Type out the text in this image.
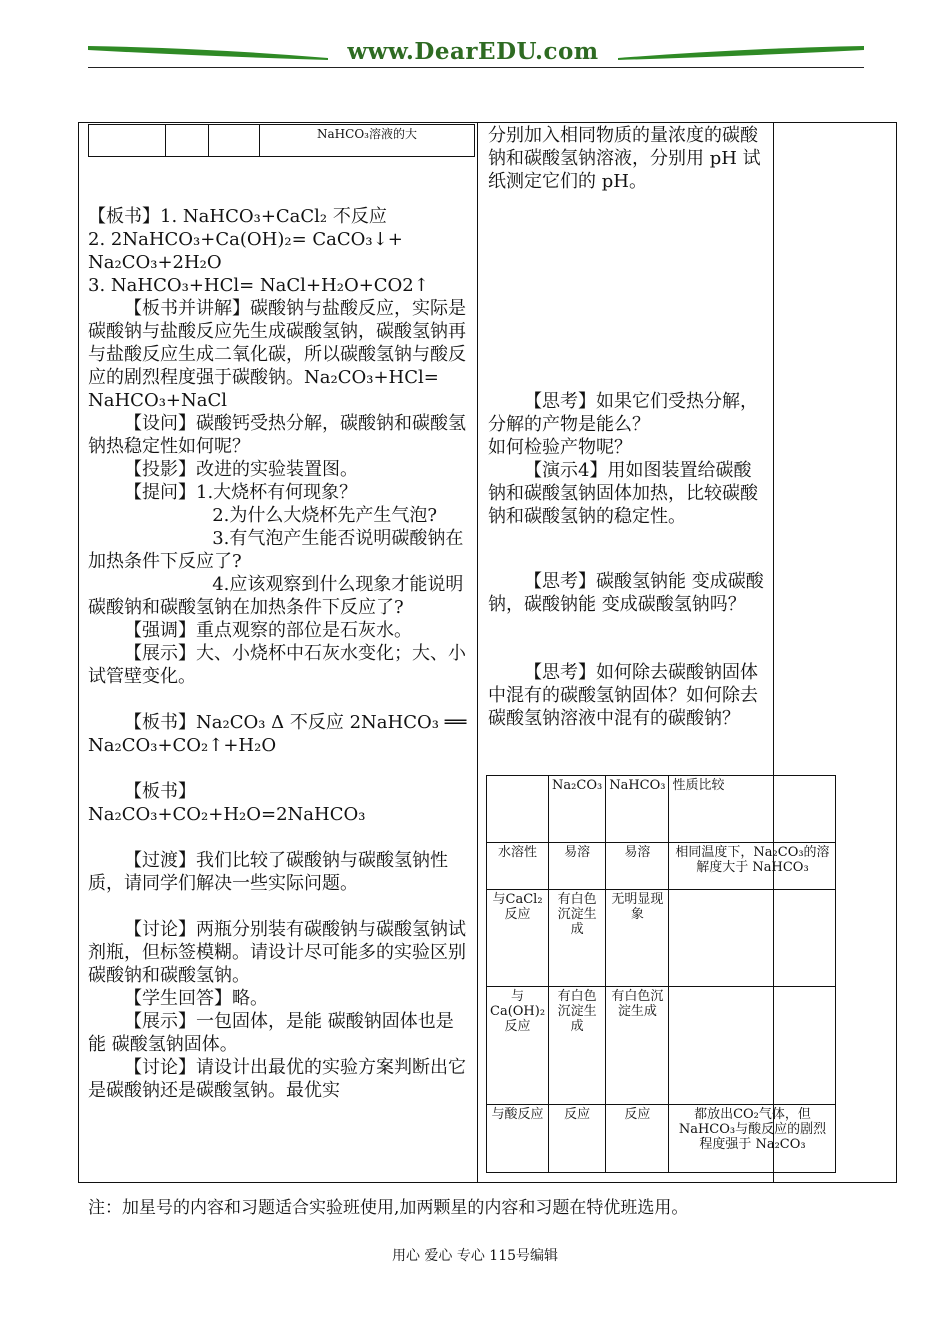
www.DearEDU.com
			NaHCO₃溶液的大

【板书】1. NaHCO₃+CaCl₂ 不反应

2. 2NaHCO₃+Ca(OH)₂= CaCO₃↓+ Na₂CO₃+2H₂O

3. NaHCO₃+HCl= NaCl+H₂O+CO2↑

【板书并讲解】碳酸钠与盐酸反应，实际是碳酸钠与盐酸反应先生成碳酸氢钠，碳酸氢钠再与盐酸反应生成二氧化碳，所以碳酸氢钠与酸反应的剧烈程度强于碳酸钠。Na₂CO₃+HCl= NaHCO₃+NaCl

【设问】碳酸钙受热分解，碳酸钠和碳酸氢钠热稳定性如何呢？

【投影】改进的实验装置图。

【提问】1.大烧杯有何现象？

2.为什么大烧杯先产生气泡?

3.有气泡产生能否说明碳酸钠在加热条件下反应了?

4.应该观察到什么现象才能说明碳酸钠和碳酸氢钠在加热条件下反应了?

【强调】重点观察的部位是石灰水。

【展示】大、小烧杯中石灰水变化；大、小试管壁变化。

【板书】Na₂CO₃ Δ 不反应 2NaHCO₃ ══ Na₂CO₃+CO₂↑+H₂O

【板书】Na₂CO₃+CO₂+H₂O=2NaHCO₃

【过渡】我们比较了碳酸钠与碳酸氢钠性质，请同学们解决一些实际问题。

【讨论】两瓶分别装有碳酸钠与碳酸氢钠试剂瓶，但标签模糊。请设计尽可能多的实验区别碳酸钠和碳酸氢钠。

【学生回答】略。

【展示】一包固体，是能 碳酸钠固体也是能 碳酸氢钠固体。

【讨论】请设计出最优的实验方案判断出它是碳酸钠还是碳酸氢钠。最优实

分别加入相同物质的量浓度的碳酸钠和碳酸氢钠溶液，分别用 pH 试纸测定它们的 pH。

【思考】如果它们受热分解，分解的产物是能么？

如何检验产物呢？

【演示4】用如图装置给碳酸钠和碳酸氢钠固体加热，比较碳酸钠和碳酸氢钠的稳定性。

【思考】碳酸氢钠能 变成碳酸钠，碳酸钠能 变成碳酸氢钠吗？

【思考】如何除去碳酸钠固体中混有的碳酸氢钠固体？如何除去碳酸氢钠溶液中混有的碳酸钠？

	Na₂CO₃	NaHCO₃	性质比较
水溶性	易溶	易溶	相同温度下，Na₂CO₃的溶解度大于 NaHCO₃
与CaCl₂反应	有白色沉淀生成	无明显现象	
与Ca(OH)₂反应	有白色沉淀生成	有白色沉淀生成	
与酸反应	反应	反应	都放出CO₂气体，但NaHCO₃与酸反应的剧烈程度强于 Na₂CO₃
注：加星号的内容和习题适合实验班使用,加两颗星的内容和习题在特优班选用。
用心 爱心 专心 115号编辑
